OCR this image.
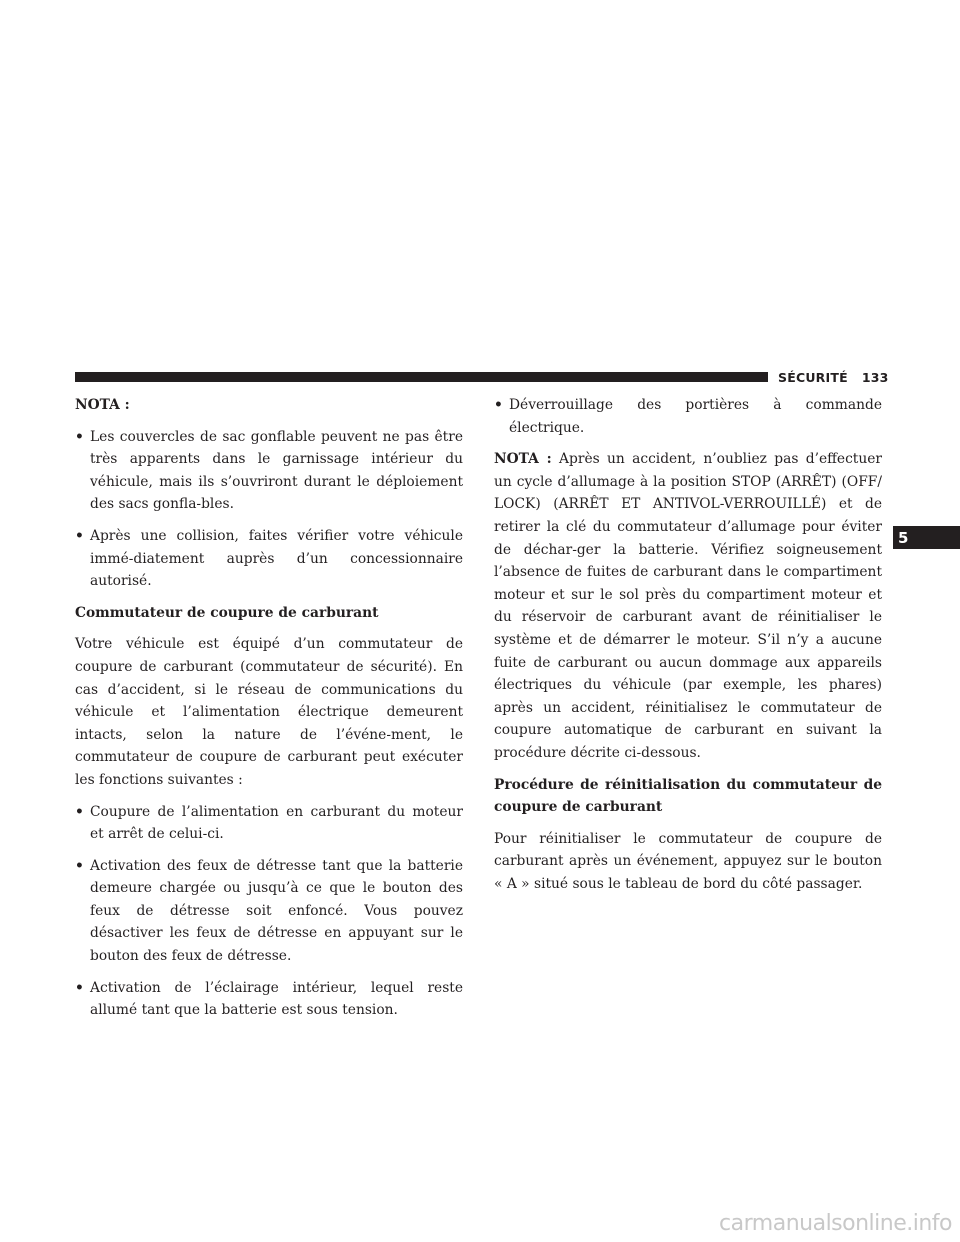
SÉCURITÉ 133
5

NOTA :

• Les couvercles de sac gonflable peuvent ne pas être très apparents dans le garnissage intérieur du véhicule, mais ils s’ouvriront durant le déploiement des sacs gonfla-bles.
• Après une collision, faites vérifier votre véhicule immé-diatement auprès d’un concessionnaire autorisé.

Commutateur de coupure de carburant

Votre véhicule est équipé d’un commutateur de coupure de carburant (commutateur de sécurité). En cas d’accident, si le réseau de communications du véhicule et l’alimentation électrique demeurent intacts, selon la nature de l’événe-ment, le commutateur de coupure de carburant peut exécuter les fonctions suivantes :

• Coupure de l’alimentation en carburant du moteur et arrêt de celui-ci.
• Activation des feux de détresse tant que la batterie demeure chargée ou jusqu’à ce que le bouton des feux de détresse soit enfoncé. Vous pouvez désactiver les feux de détresse en appuyant sur le bouton des feux de détresse.
• Activation de l’éclairage intérieur, lequel reste allumé tant que la batterie est sous tension.
• Déverrouillage des portières à commande électrique.

NOTA : Après un accident, n’oubliez pas d’effectuer un cycle d’allumage à la position STOP (ARRÊT) (OFF/ LOCK) (ARRÊT ET ANTIVOL-VERROUILLÉ) et de retirer la clé du commutateur d’allumage pour éviter de déchar-ger la batterie. Vérifiez soigneusement l’absence de fuites de carburant dans le compartiment moteur et sur le sol près du compartiment moteur et du réservoir de carburant avant de réinitialiser le système et de démarrer le moteur. S’il n’y a aucune fuite de carburant ou aucun dommage aux appareils électriques du véhicule (par exemple, les phares) après un accident, réinitialisez le commutateur de coupure automatique de carburant en suivant la procédure décrite ci-dessous.

Procédure de réinitialisation du commutateur de coupure de carburant

Pour réinitialiser le commutateur de coupure de carburant après un événement, appuyez sur le bouton « A » situé sous le tableau de bord du côté passager.

carmanualsonline.info
